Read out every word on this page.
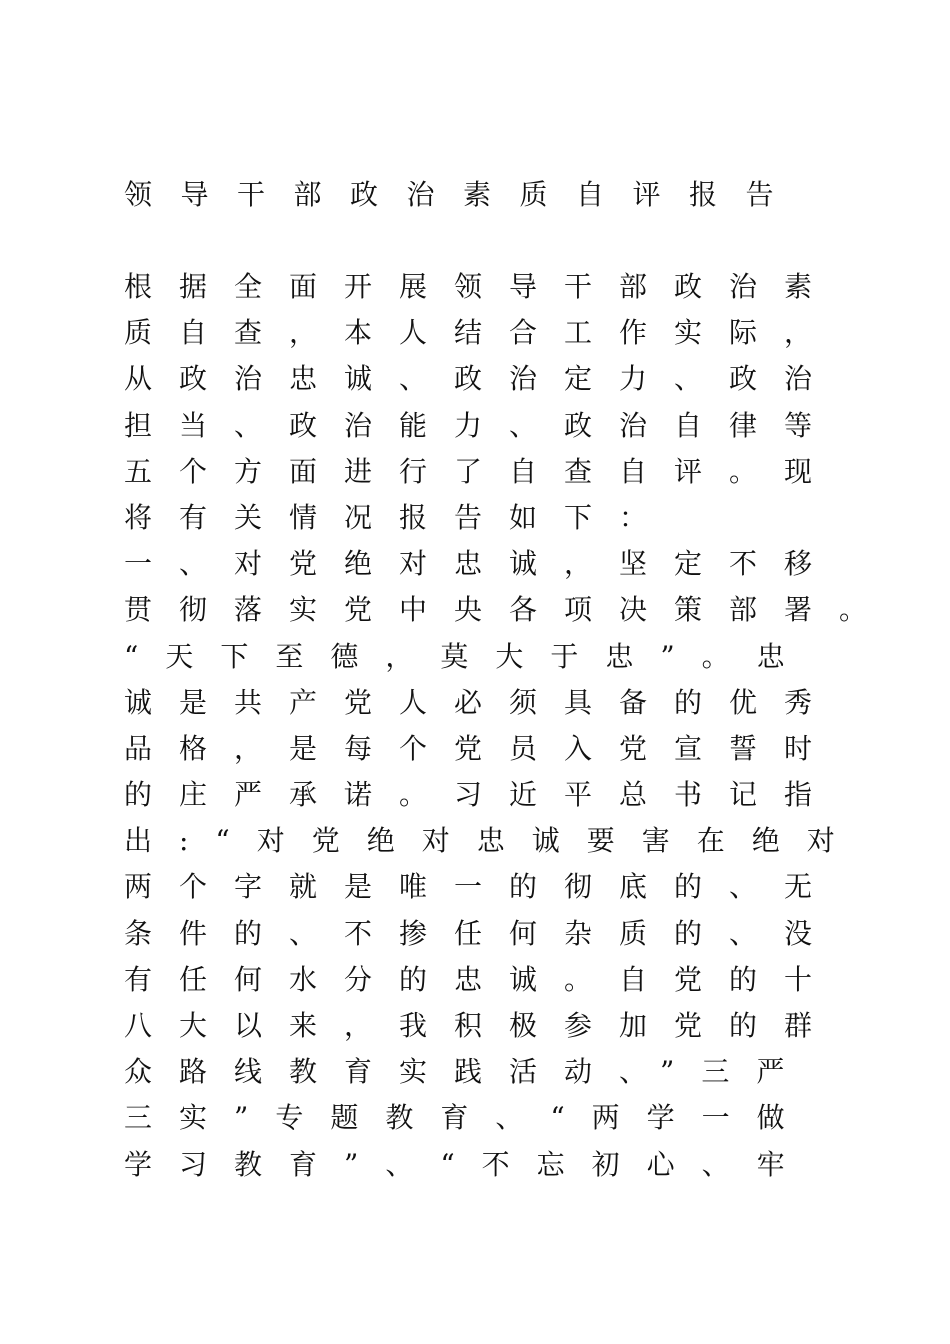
领导干部政治素质自评报告
根据全面开展领导干部政治素
质自查，本人结合工作实际，
从政治忠诚、政治定力、政治
担当、政治能力、政治自律等
五个方面进行了自查自评。现
将有关情况报告如下：
一、对党绝对忠诚，坚定不移
贯彻落实党中央各项决策部署。
“天下至德，莫大于忠”。忠
诚是共产党人必须具备的优秀
品格，是每个党员入党宣誓时
的庄严承诺。习近平总书记指
出:“对党绝对忠诚要害在绝对
两个字就是唯一的彻底的、无
条件的、不掺任何杂质的、没
有任何水分的忠诚。自党的十
八大以来，我积极参加党的群
众路线教育实践活动、”三严
三实”专题教育、“两学一做
学习教育”、“不忘初心、牢
